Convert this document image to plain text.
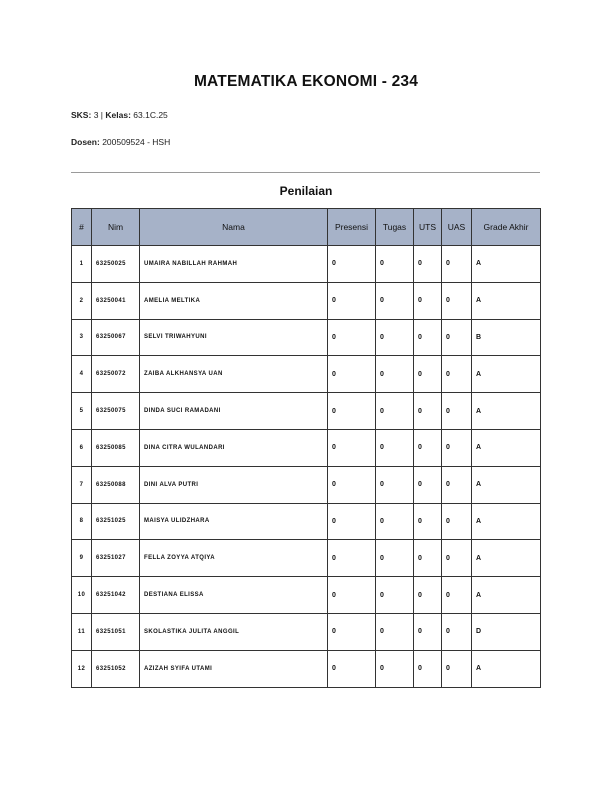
MATEMATIKA EKONOMI - 234
SKS: 3 | Kelas: 63.1C.25
Dosen: 200509524 - HSH
Penilaian
#	Nim	Nama	Presensi	Tugas	UTS	UAS	Grade Akhir
1	63250025	UMAIRA NABILLAH RAHMAH	0	0	0	0	A
2	63250041	AMELIA MELTIKA	0	0	0	0	A
3	63250067	SELVI TRIWAHYUNI	0	0	0	0	B
4	63250072	ZAIBA ALKHANSYA UAN	0	0	0	0	A
5	63250075	DINDA SUCI RAMADANI	0	0	0	0	A
6	63250085	DINA CITRA WULANDARI	0	0	0	0	A
7	63250088	DINI ALVA PUTRI	0	0	0	0	A
8	63251025	MAISYA ULIDZHARA	0	0	0	0	A
9	63251027	FELLA ZOYYA ATQIYA	0	0	0	0	A
10	63251042	DESTIANA ELISSA	0	0	0	0	A
11	63251051	SKOLASTIKA JULITA ANGGIL	0	0	0	0	D
12	63251052	AZIZAH SYIFA UTAMI	0	0	0	0	A
